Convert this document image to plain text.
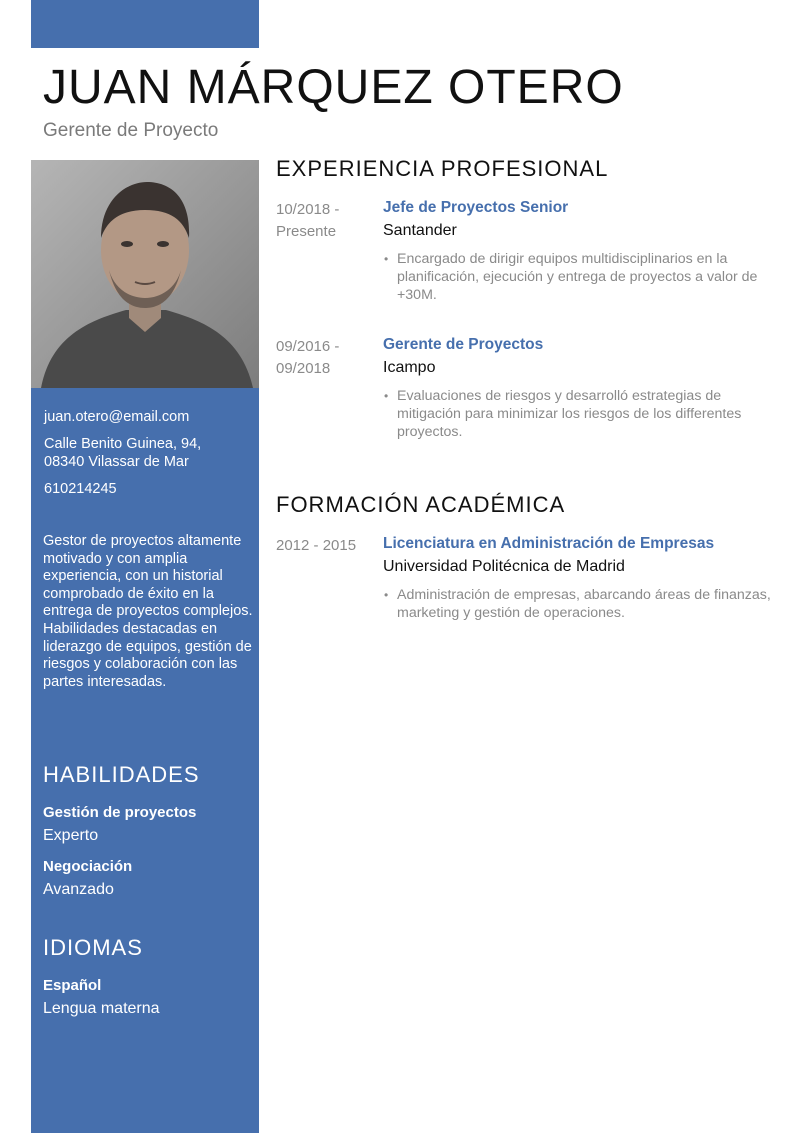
JUAN MÁRQUEZ OTERO
Gerente de Proyecto
juan.otero@email.com
Calle Benito Guinea, 94, 08340 Vilassar de Mar
610214245

Gestor de proyectos altamente motivado y con amplia experiencia, con un historial comprobado de éxito en la entrega de proyectos complejos. Habilidades destacadas en liderazgo de equipos, gestión de riesgos y colaboración con las partes interesadas.

HABILIDADES
Gestión de proyectos
Experto
Negociación
Avanzado
IDIOMAS
Español
Lengua materna
EXPERIENCIA PROFESIONAL
10/2018 -
Presente
Jefe de Proyectos Senior
Santander
• Encargado de dirigir equipos multidisciplinarios en la planificación, ejecución y entrega de proyectos a valor de +30M.
09/2016 -
09/2018
Gerente de Proyectos
Icampo
• Evaluaciones de riesgos y desarrolló estrategias de mitigación para minimizar los riesgos de los differentes proyectos.
FORMACIÓN ACADÉMICA
2012 - 2015	Licenciatura en Administración de Empresas
Universidad Politécnica de Madrid
• Administración de empresas, abarcando áreas de finanzas, marketing y gestión de operaciones.
